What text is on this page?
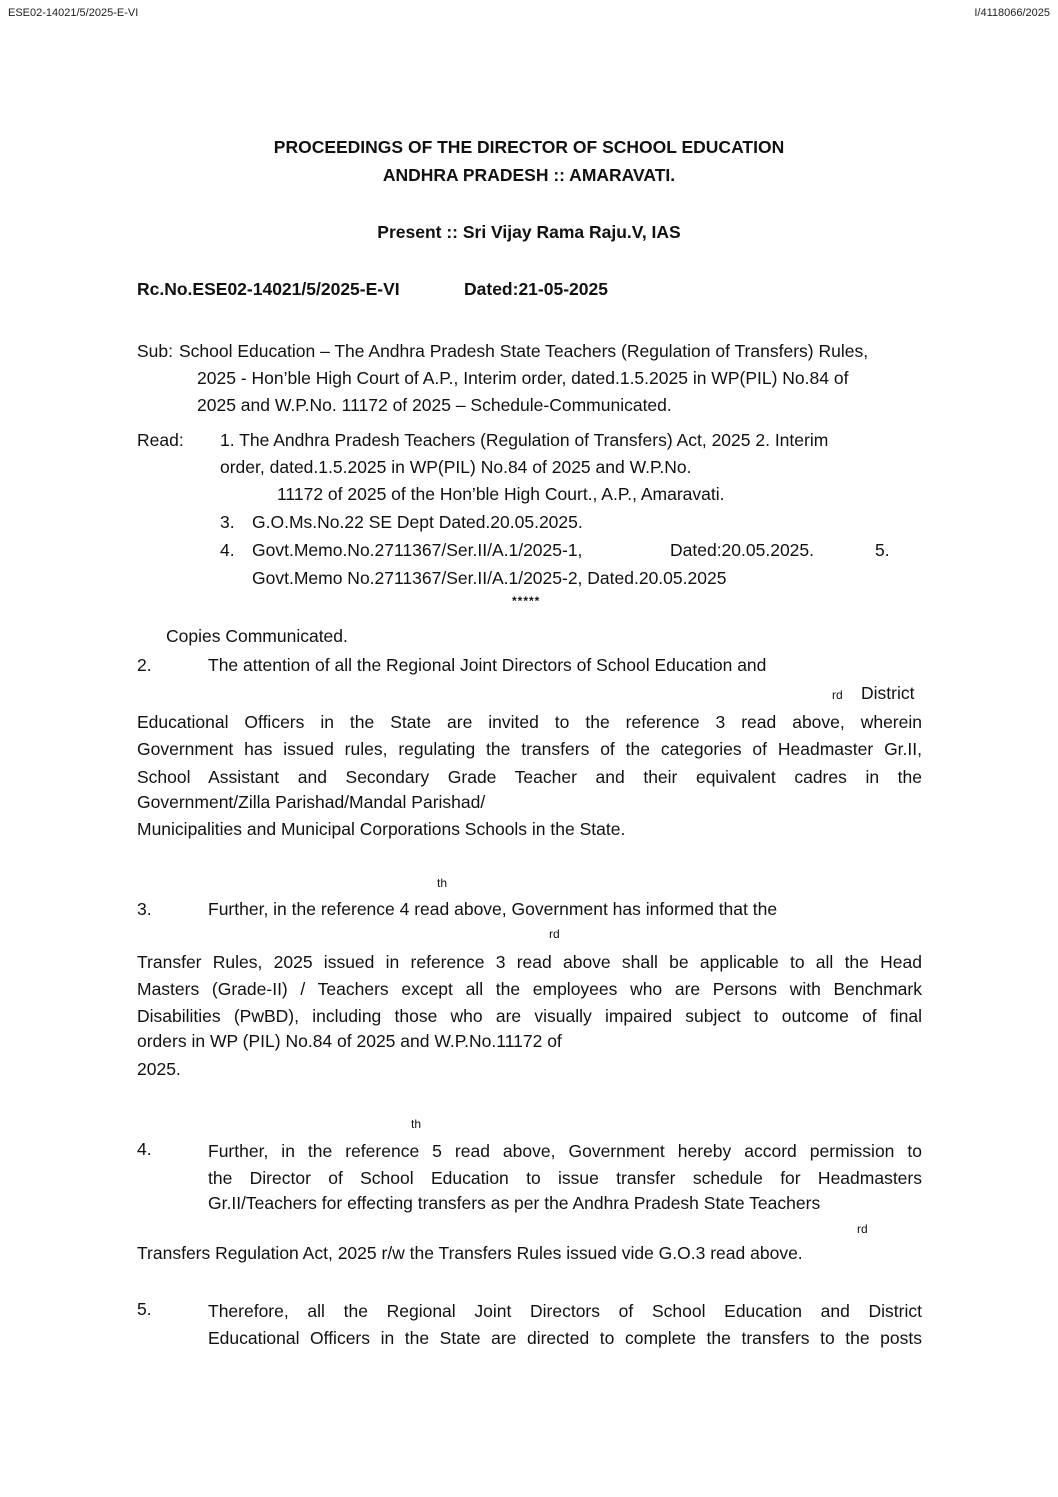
ESE02-14021/5/2025-E-VI	I/4118066/2025
PROCEEDINGS OF THE DIRECTOR OF SCHOOL EDUCATION
ANDHRA PRADESH :: AMARAVATI.
Present :: Sri Vijay Rama Raju.V, IAS
Rc.No.ESE02-14021/5/2025-E-VI	Dated:21-05-2025
Sub: School Education – The Andhra Pradesh State Teachers (Regulation of Transfers) Rules,
2025 - Hon’ble High Court of A.P., Interim order, dated.1.5.2025 in WP(PIL) No.84 of
2025 and W.P.No. 11172 of 2025 – Schedule-Communicated.
Read: 1. The Andhra Pradesh Teachers (Regulation of Transfers) Act, 2025 2. Interim
order, dated.1.5.2025 in WP(PIL) No.84 of 2025 and W.P.No.
11172 of 2025 of the Hon’ble High Court., A.P., Amaravati.
3. G.O.Ms.No.22 SE Dept Dated.20.05.2025.
4. Govt.Memo.No.2711367/Ser.II/A.1/2025-1,	Dated:20.05.2025.	5.
Govt.Memo No.2711367/Ser.II/A.1/2025-2, Dated.20.05.2025
*****
Copies Communicated.
2.	The attention of all the Regional Joint Directors of School Education and
rd District
Educational Officers in the State are invited to the reference 3 read above, wherein
Government has issued rules, regulating the transfers of the categories of Headmaster Gr.II,
School Assistant and Secondary Grade Teacher and their equivalent cadres in the
Government/Zilla Parishad/Mandal Parishad/
Municipalities and Municipal Corporations Schools in the State.
th
3.	Further, in the reference 4 read above, Government has informed that the
rd
Transfer Rules, 2025 issued in reference 3 read above shall be applicable to all the Head
Masters (Grade-II) / Teachers except all the employees who are Persons with Benchmark
Disabilities (PwBD), including those who are visually impaired subject to outcome of final
orders in WP (PIL) No.84 of 2025 and W.P.No.11172 of
2025.
th
4.	Further, in the reference 5 read above, Government hereby accord permission to
the Director of School Education to issue transfer schedule for Headmasters
Gr.II/Teachers for effecting transfers as per the Andhra Pradesh State Teachers
rd
Transfers Regulation Act, 2025 r/w the Transfers Rules issued vide G.O.3 read above.
5.	Therefore, all the Regional Joint Directors of School Education and District
Educational Officers in the State are directed to complete the transfers to the posts
